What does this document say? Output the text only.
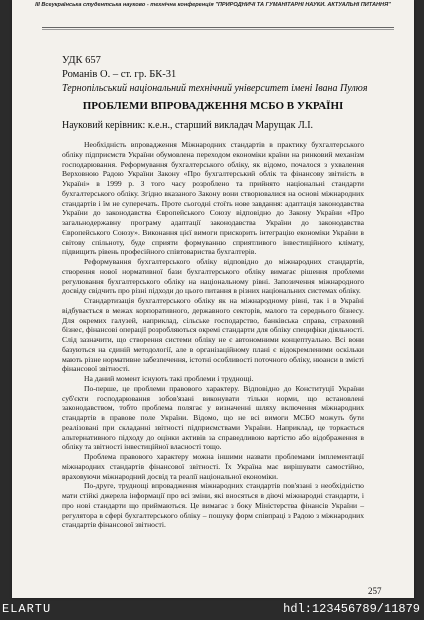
III Всеукраїнська студентська науково - технічна конференція "ПРИРОДНИЧІ ТА ГУМАНІТАРНІ НАУКИ. АКТУАЛЬНІ ПИТАННЯ"
УДК 657
Романів О. – ст. гр. БК-31
Тернопільський національний технічний університет імені Івана Пулюя
ПРОБЛЕМИ ВПРОВАДЖЕННЯ МСБО В УКРАЇНІ
Науковий керівник: к.е.н., старший викладач Марущак Л.І.

Необхідність впровадження Міжнародних стандартів в практику бухгалтерського обліку підприємств України обумовлена переходом економіки країни на ринковий механізм господарювання. Реформування бухгалтерського обліку, як відомо, почалося з ухвалення Верховною Радою України Закону «Про бухгалтерський облік та фінансову звітність в Україні» в 1999 р. З того часу розроблено та прийнято національні стандарти бухгалтерського обліку. Згідно вказаного Закону вони створювалися на основі міжнародних стандартів і їм не суперечать. Проте сьогодні стоїть нове завдання: адаптація законодавства України до законодавства Європейського Союзу відповідно до Закону України «Про загальнодержавну програму адаптації законодавства України до законодавства Європейського Союзу». Виконання цієї вимоги прискорить інтеграцію економіки України в світову спільноту, буде сприяти формуванню сприятливого інвестиційного клімату, підвищить рівень професійного співтовариства бухгалтерів.

Реформування бухгалтерського обліку відповідно до міжнародних стандартів, створення нової нормативної бази бухгалтерського обліку вимагає рішення проблеми регулювання бухгалтерського обліку на національному рівні. Запозичення міжнародного досвіду свідчить про різні підходи до цього питання в різних національних системах обліку.

Стандартизація бухгалтерського обліку як на міжнародному рівні, так і в Україні відбувається в межах корпоративного, державного секторів, малого та середнього бізнесу. Для окремих галузей, наприклад, сільське господарство, банківська справа, страховий бізнес, фінансові операції розробляються окремі стандарти для обліку специфіки діяльності. Слід зазначити, що створення системи обліку не є автономними концептуально. Всі вони базуються на єдиній методології, але в організаційному плані є відокремленими оскільки мають різне нормативне забезпечення, істотні особливості поточного обліку, нюанси в змісті фінансової звітності.

На даний момент існують такі проблеми і труднощі.

По-перше, це проблеми правового характеру. Відповідно до Конституції України суб'єкти господарювання зобов'язані виконувати тільки норми, що встановлені законодавством, тобто проблема полягає у визначенні шляху включення міжнародних стандартів в правове поле України. Відомо, що не всі вимоги МСБО можуть бути реалізовані при складанні звітності підприємствами України. Наприклад, це торкається альтернативного підходу до оцінки активів за справедливою вартістю або відображення в обліку та звітності інвестиційної власності тощо.

Проблема правового характеру можна іншими назвати проблемами імплементації міжнародних стандартів фінансової звітності. Їх Україна має вирішувати самостійно, враховуючи міжнародний досвід та реалії національної економіки.

По-друге, труднощі впровадження міжнародних стандартів пов'язані з необхідністю мати стійкі джерела інформації про всі зміни, які вносяться в діючі міжнародні стандарти, і про нові стандарти що приймаються. Це вимагає з боку Міністерства фінансів України – регулятора в сфері бухгалтерського обліку – пошуку форм співпраці з Радою з міжнародних стандартів фінансової звітності.

257
ELARTU	hdl:123456789/11879
